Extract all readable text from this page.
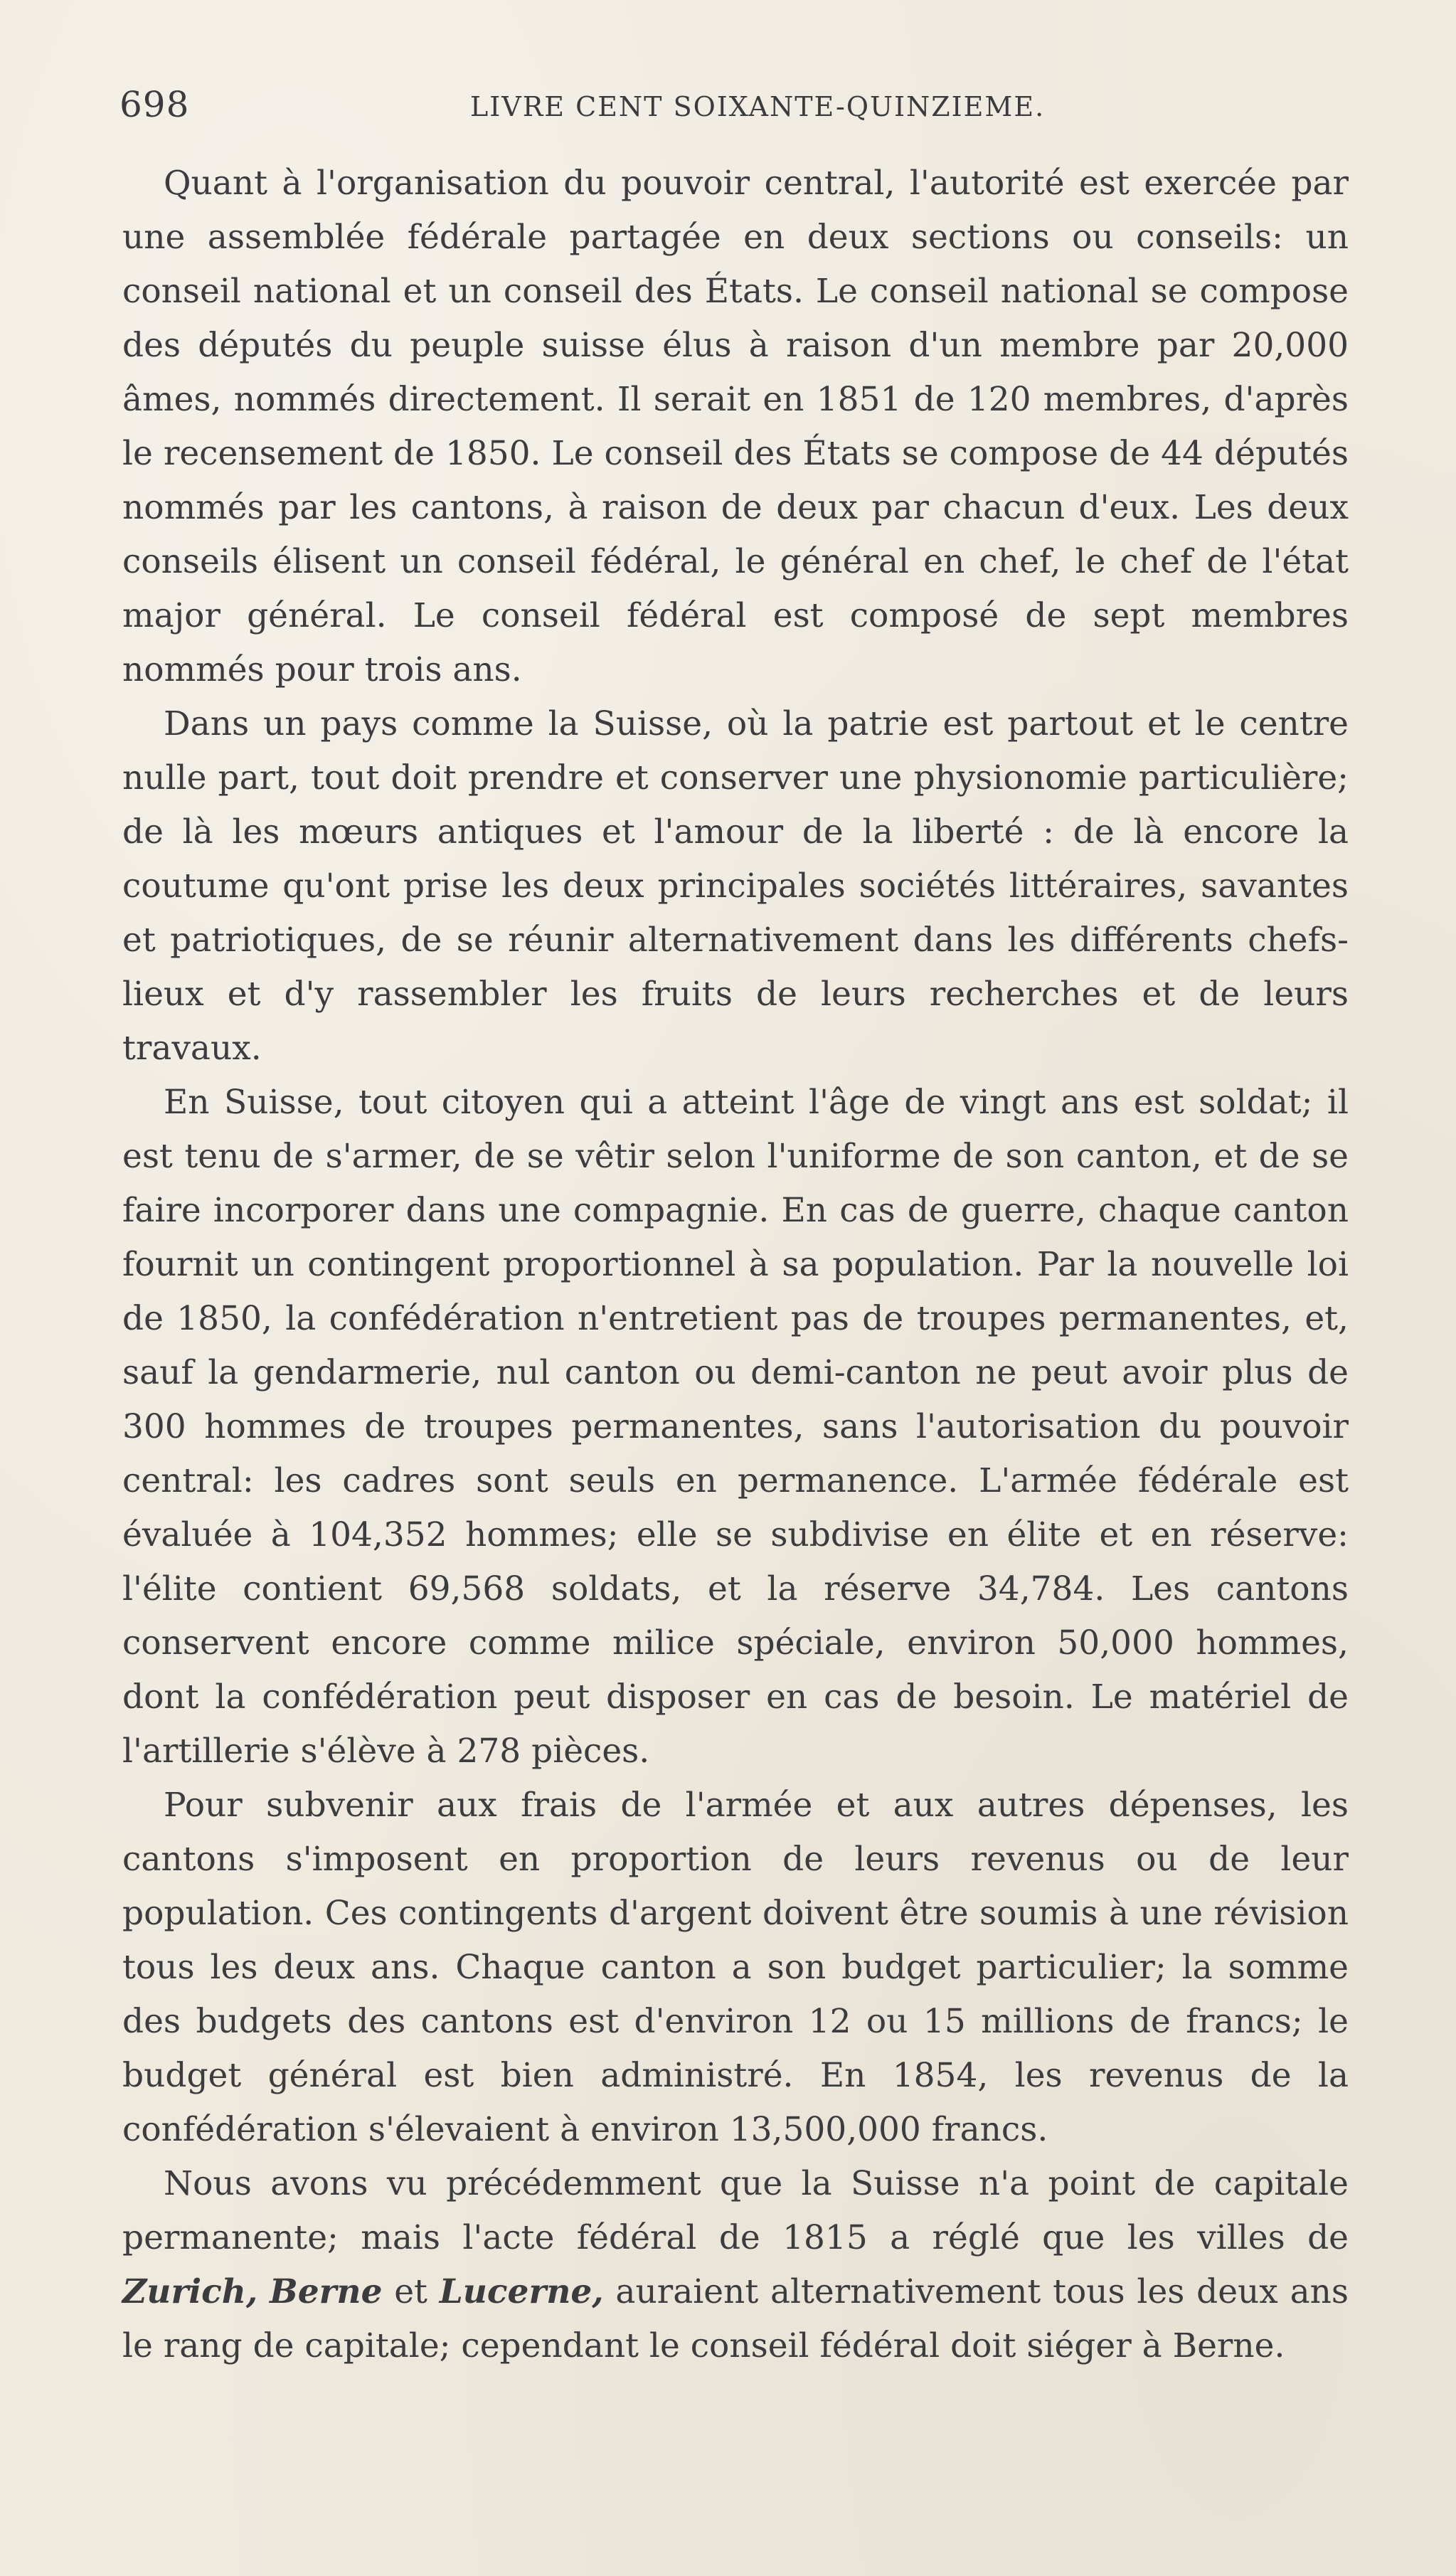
698	LIVRE CENT SOIXANTE-QUINZIEME.

Quant à l'organisation du pouvoir central, l'autorité est exercée par une assemblée fédérale partagée en deux sections ou conseils: un conseil national et un conseil des États. Le conseil national se compose des députés du peuple suisse élus à raison d'un membre par 20,000 âmes, nommés directement. Il serait en 1851 de 120 membres, d'après le recensement de 1850. Le conseil des États se compose de 44 députés nommés par les cantons, à raison de deux par chacun d'eux. Les deux conseils élisent un conseil fédéral, le général en chef, le chef de l'état major général. Le conseil fédéral est composé de sept membres nommés pour trois ans.

Dans un pays comme la Suisse, où la patrie est partout et le centre nulle part, tout doit prendre et conserver une physionomie particulière; de là les mœurs antiques et l'amour de la liberté : de là encore la coutume qu'ont prise les deux principales sociétés littéraires, savantes et patriotiques, de se réunir alternativement dans les différents chefs-lieux et d'y rassembler les fruits de leurs recherches et de leurs travaux.

En Suisse, tout citoyen qui a atteint l'âge de vingt ans est soldat; il est tenu de s'armer, de se vêtir selon l'uniforme de son canton, et de se faire incorporer dans une compagnie. En cas de guerre, chaque canton fournit un contingent proportionnel à sa population. Par la nouvelle loi de 1850, la confédération n'entretient pas de troupes permanentes, et, sauf la gendarmerie, nul canton ou demi-canton ne peut avoir plus de 300 hommes de troupes permanentes, sans l'autorisation du pouvoir central: les cadres sont seuls en permanence. L'armée fédérale est évaluée à 104,352 hommes; elle se subdivise en élite et en réserve: l'élite contient 69,568 soldats, et la réserve 34,784. Les cantons conservent encore comme milice spéciale, environ 50,000 hommes, dont la confédération peut disposer en cas de besoin. Le matériel de l'artillerie s'élève à 278 pièces.

Pour subvenir aux frais de l'armée et aux autres dépenses, les cantons s'imposent en proportion de leurs revenus ou de leur population. Ces contingents d'argent doivent être soumis à une révision tous les deux ans. Chaque canton a son budget particulier; la somme des budgets des cantons est d'environ 12 ou 15 millions de francs; le budget général est bien administré. En 1854, les revenus de la confédération s'élevaient à environ 13,500,000 francs.

Nous avons vu précédemment que la Suisse n'a point de capitale permanente; mais l'acte fédéral de 1815 a réglé que les villes de Zurich, Berne et Lucerne, auraient alternativement tous les deux ans le rang de capitale; cependant le conseil fédéral doit siéger à Berne.
